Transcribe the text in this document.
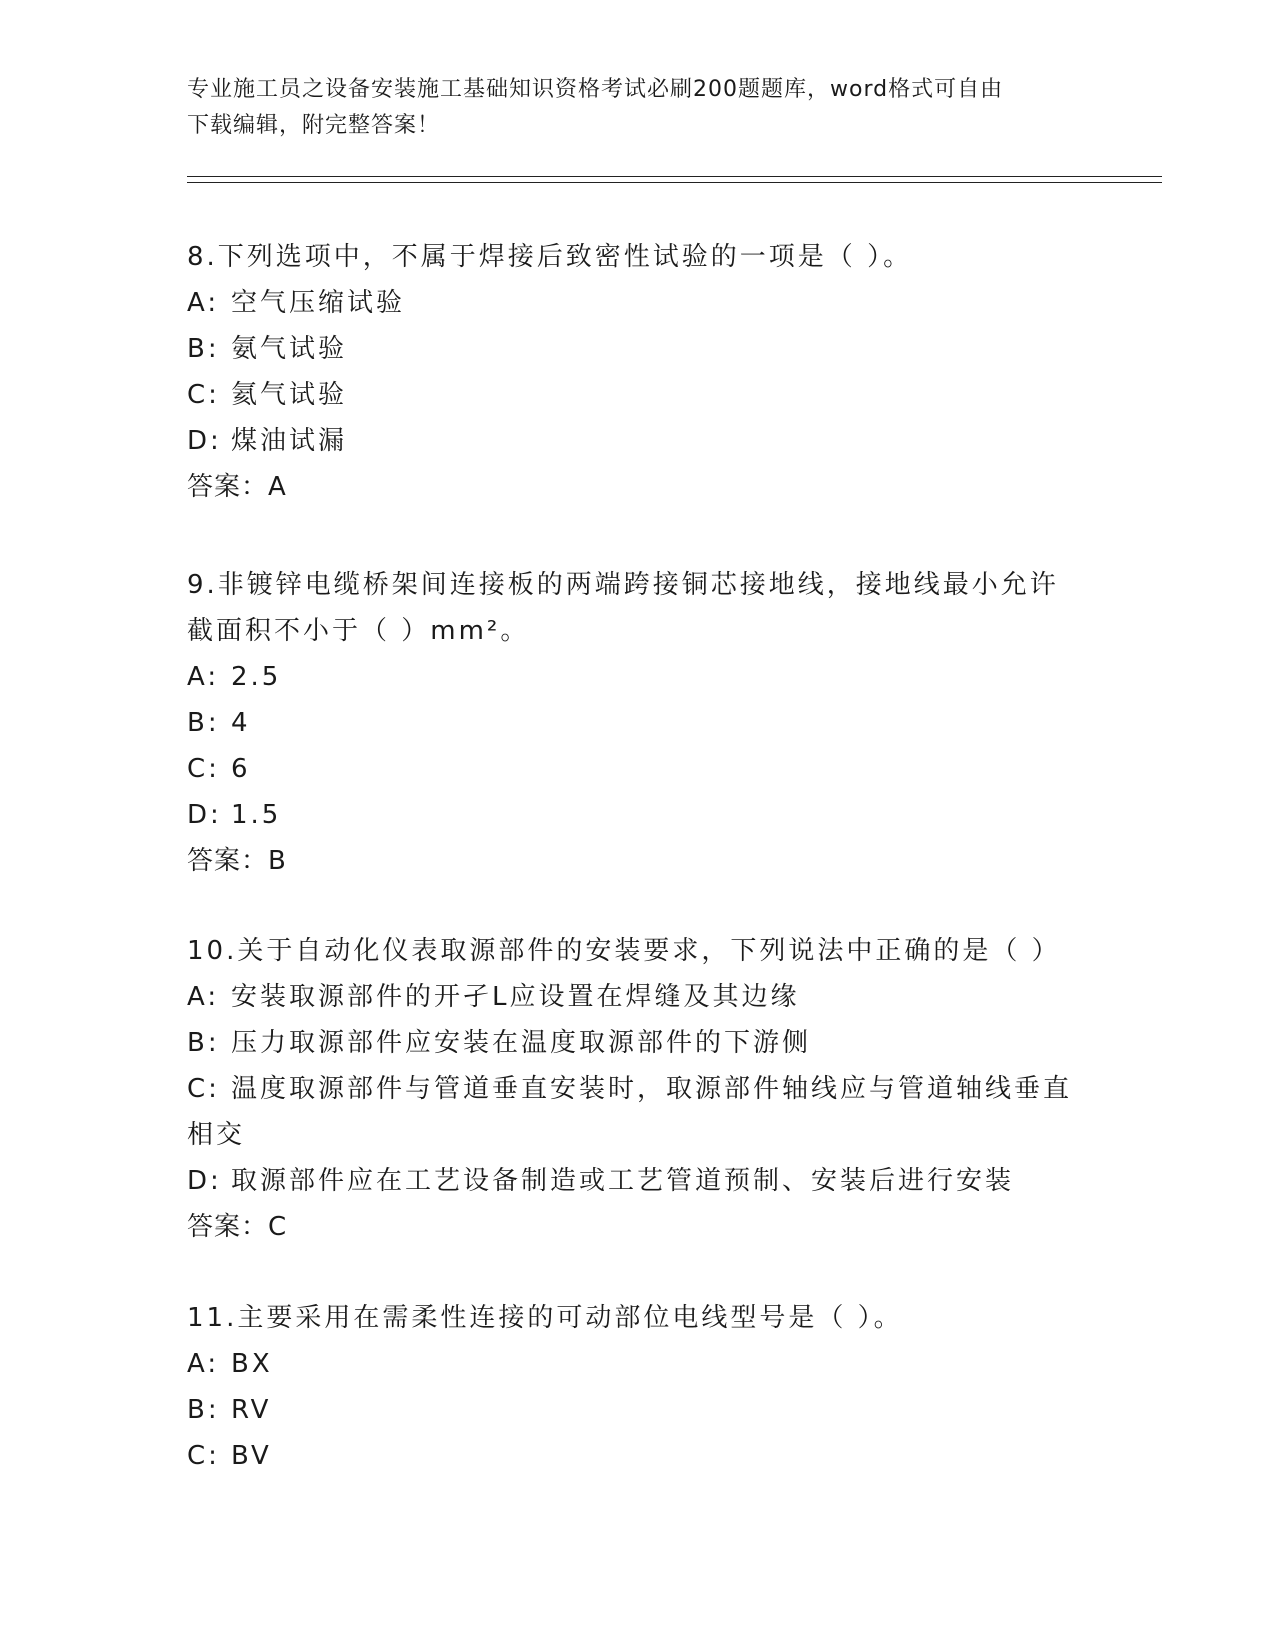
专业施工员之设备安装施工基础知识资格考试必刷200题题库，word格式可自由
下载编辑，附完整答案！
8.下列选项中，不属于焊接后致密性试验的一项是（ ）。
A: 空气压缩试验
B: 氨气试验
C: 氦气试验
D: 煤油试漏
答案：A
9.非镀锌电缆桥架间连接板的两端跨接铜芯接地线，接地线最小允许
截面积不小于（ ）mm²。
A: 2.5
B: 4
C: 6
D: 1.5
答案：B
10.关于自动化仪表取源部件的安装要求，下列说法中正确的是（ ）
A: 安装取源部件的开孑L应设置在焊缝及其边缘
B: 压力取源部件应安装在温度取源部件的下游侧
C: 温度取源部件与管道垂直安装时，取源部件轴线应与管道轴线垂直
相交
D: 取源部件应在工艺设备制造或工艺管道预制、安装后进行安装
答案：C
11.主要采用在需柔性连接的可动部位电线型号是（ ）。
A: BX
B: RV
C: BV
